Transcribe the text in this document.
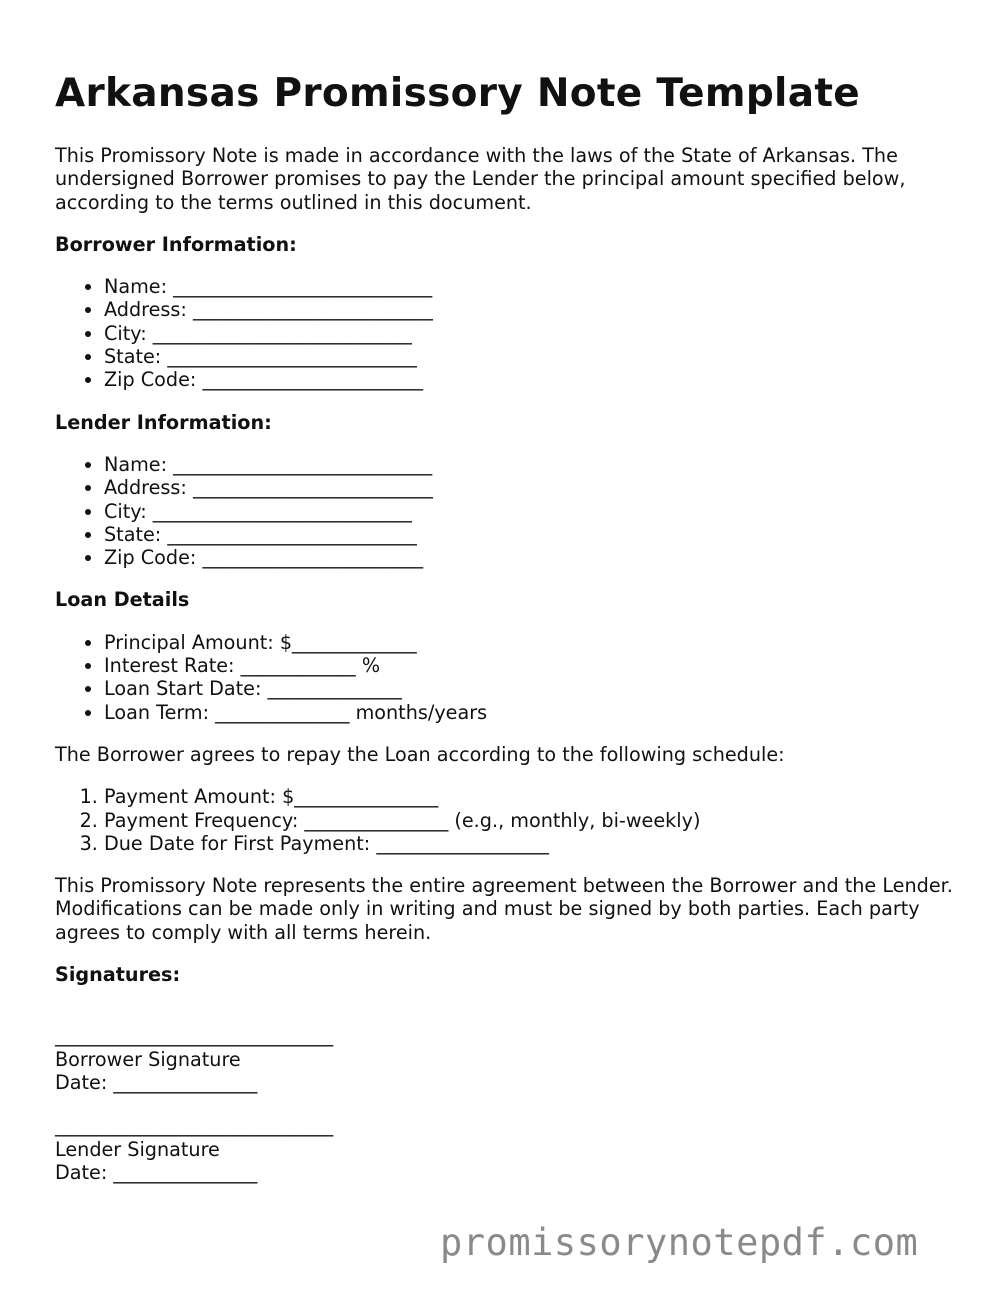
Arkansas Promissory Note Template

This Promissory Note is made in accordance with the laws of the State of Arkansas. The undersigned Borrower promises to pay the Lender the principal amount specified below, according to the terms outlined in this document.

Borrower Information:
• Name: ___________________________
• Address: _________________________
• City: ___________________________
• State: __________________________
• Zip Code: _______________________
Lender Information:
• Name: ___________________________
• Address: _________________________
• City: ___________________________
• State: __________________________
• Zip Code: _______________________
Loan Details
• Principal Amount: $_____________
• Interest Rate: ____________ %
• Loan Start Date: ______________
• Loan Term: ______________ months/years

The Borrower agrees to repay the Loan according to the following schedule:

1. Payment Amount: $_______________
2. Payment Frequency: _______________ (e.g., monthly, bi-weekly)
3. Due Date for First Payment: __________________

This Promissory Note represents the entire agreement between the Borrower and the Lender. Modifications can be made only in writing and must be signed by both parties. Each party agrees to comply with all terms herein.

Signatures:
_____________________________
Borrower Signature
Date: _______________
_____________________________
Lender Signature
Date: _______________
promissorynotepdf.com
